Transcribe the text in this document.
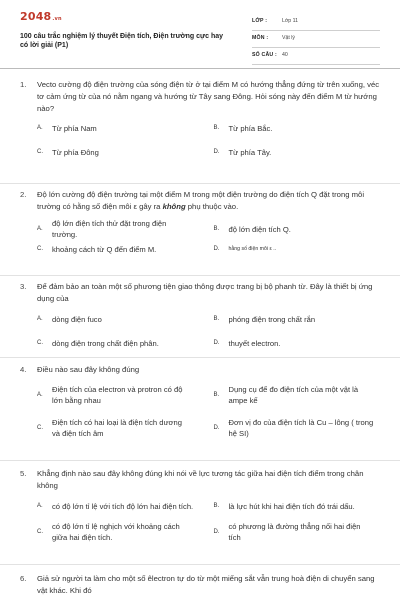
2048.vn
100 câu trắc nghiệm lý thuyết Điện tích, Điện trường cực hay có lời giải (P1)
LỚP :	Lớp 11
MÔN :	Vật lý
SỐ CÂU : 40
1.	Vecto cường độ điện trường của sóng điện từ ở tại điểm M có hướng thẳng đứng từ trên xuống, véc tơ cảm ứng từ của nó nằm ngang và hướng từ Tây sang Đông. Hỏi sóng này đến điểm M từ hướng nào?
A.	Từ phía Nam	B.	Từ phía Bắc.
C.	Từ phía Đông	D.	Từ phía Tây.
2.	Độ lớn cường độ điện trường tại một điểm M trong một điện trường do điện tích Q đặt trong môi trường có hằng số điện môi ε gây ra không phụ thuộc vào.
A.
độ lớn điện tích thử đặt trong điện trường.
B.	độ lớn điện tích Q.
C.	khoảng cách từ Q đến điểm M.	D.	hằng số điện môi ε ..
3.	Để đảm bảo an toàn một số phương tiện giao thông được trang bị bộ phanh từ. Đây là thiết bị ứng dụng của
A.	dòng điện fuco	B.	phóng điện trong chất rắn
C.	dòng điện trong chất điện phân.	D.	thuyết electron.
4.	Điều nào sau đây không đúng
A.
Điện tích của electron và protron có độ lớn bằng nhau
B.
Dụng cụ để đo điện tích của một vật là ampe kế
C.
Điện tích có hai loại là điện tích dương và điện tích âm
D.
Đơn vị đo của điện tích là Cu – lông ( trong hệ SI)
5.	Khẳng định nào sau đây không đúng khi nói về lực tương tác giữa hai điện tích điểm trong chân không
A.	có độ lớn tỉ lệ với tích độ lớn hai điện tích.	B.	là lực hút khi hai điện tích đó trái dấu.
C.
có độ lớn tỉ lệ nghịch với khoảng cách giữa hai điện tích.
D.
có phương là đường thẳng nối hai điện tích
6.	Giả sử người ta làm cho một số êlectron tự do từ một miếng sắt vẫn trung hoà điện di chuyển sang vật khác. Khi đó
